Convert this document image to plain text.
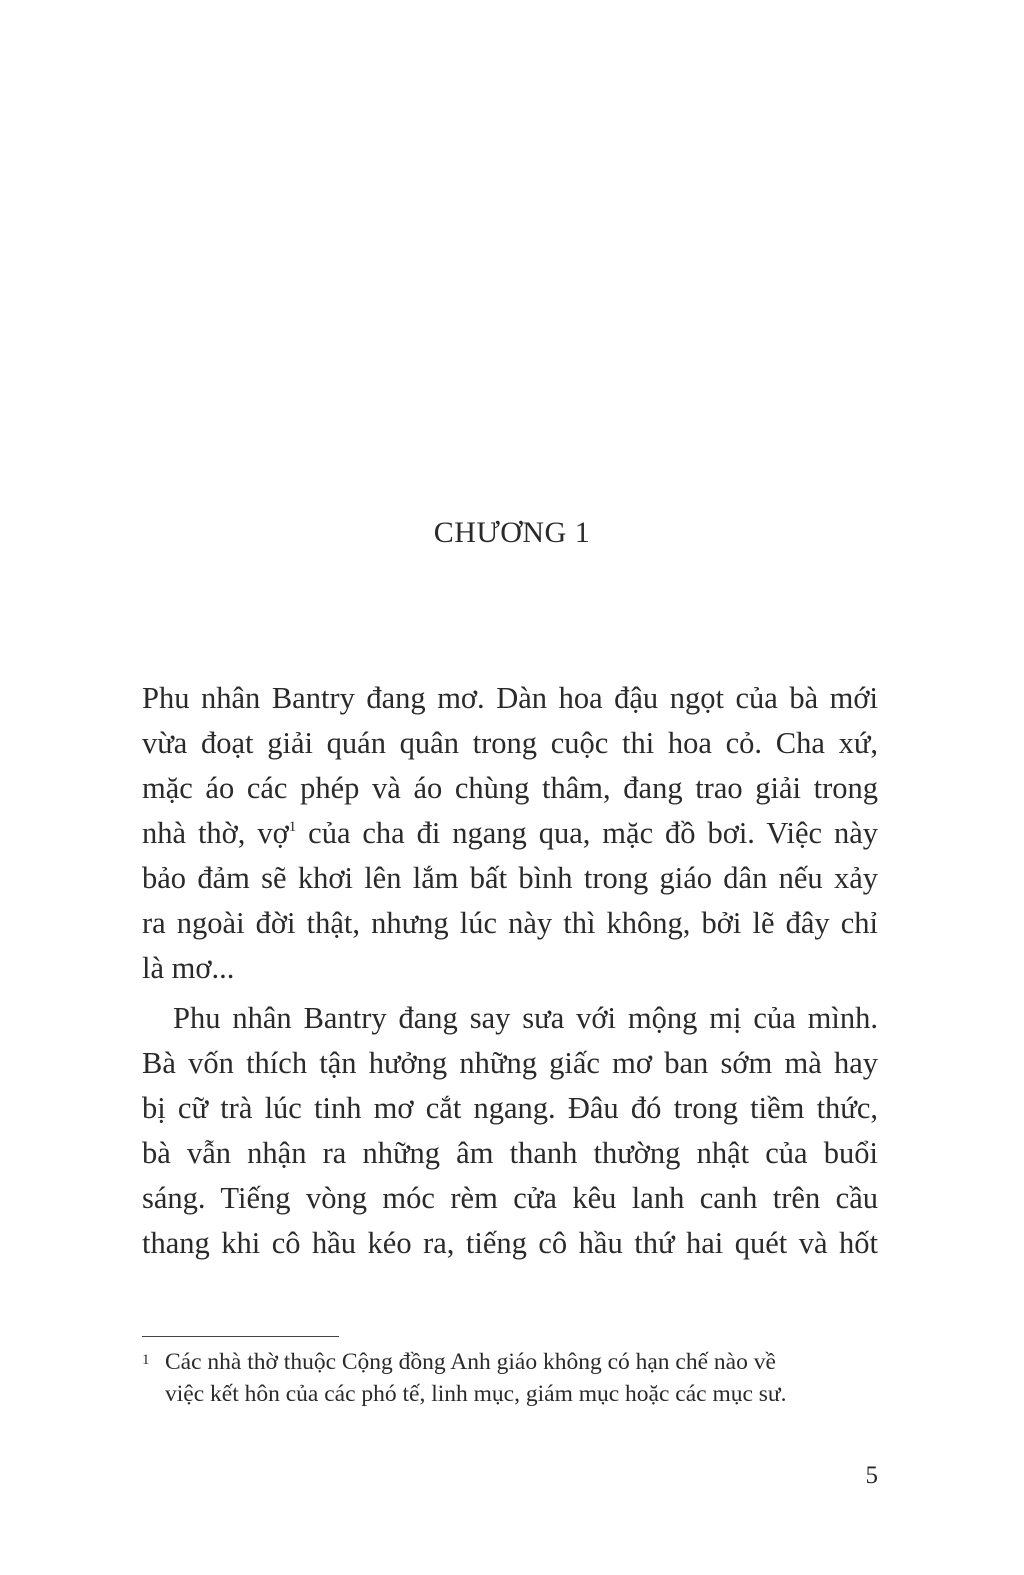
CHƯƠNG 1

Phu nhân Bantry đang mơ. Dàn hoa đậu ngọt của bà mới
vừa đoạt giải quán quân trong cuộc thi hoa cỏ. Cha xứ,
mặc áo các phép và áo chùng thâm, đang trao giải trong
nhà thờ, vợ$^1$ của cha đi ngang qua, mặc đồ bơi. Việc này
bảo đảm sẽ khơi lên lắm bất bình trong giáo dân nếu xảy
ra ngoài đời thật, nhưng lúc này thì không, bởi lẽ đây chỉ
là mơ...

Phu nhân Bantry đang say sưa với mộng mị của mình.
Bà vốn thích tận hưởng những giấc mơ ban sớm mà hay
bị cữ trà lúc tinh mơ cắt ngang. Đâu đó trong tiềm thức,
bà vẫn nhận ra những âm thanh thường nhật của buổi
sáng. Tiếng vòng móc rèm cửa kêu lanh canh trên cầu
thang khi cô hầu kéo ra, tiếng cô hầu thứ hai quét và hốt

1 Các nhà thờ thuộc Cộng đồng Anh giáo không có hạn chế nào về
việc kết hôn của các phó tế, linh mục, giám mục hoặc các mục sư.
5
